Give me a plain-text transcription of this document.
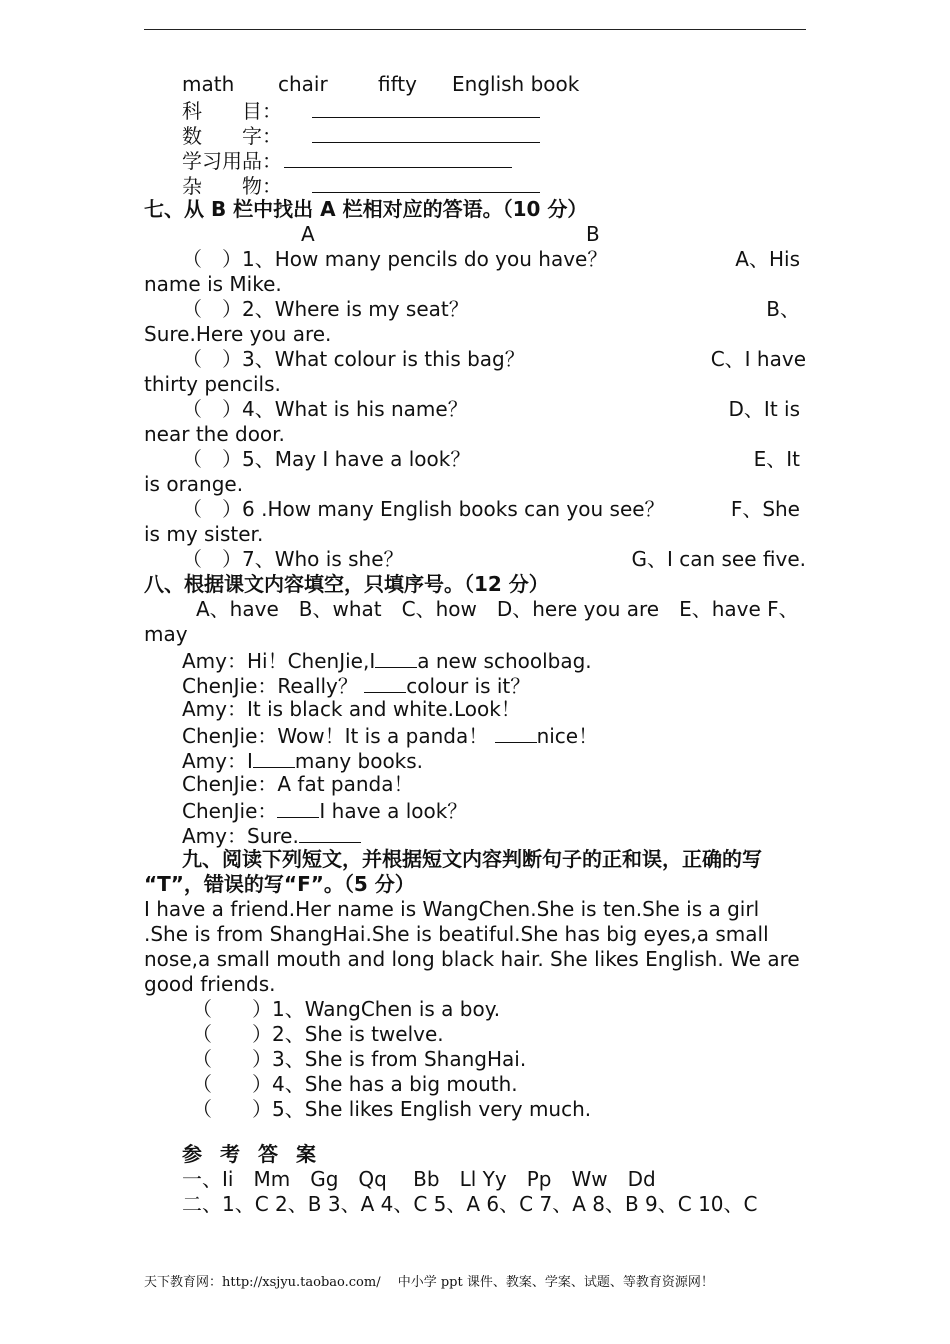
math chair	fifty English book
科　　目：
数　　字：
学习用品：
杂　　物：
七、从 B 栏中找出 A 栏相对应的答语。（10 分）
A	B
（　）1、How many pencils do you have？	A、His
name is Mike.
（　）2、Where is my seat？	B、
Sure.Here you are.
（　）3、What colour is this bag？	C、I have
thirty pencils.
（　）4、What is his name？	D、It is
near the door.
（　）5、May I have a look？	E、It
is orange.
（　）6 .How many English books can you see？	F、She
is my sister.
（　）7、Who is she？	G、I can see five.
八、根据课文内容填空，只填序号。（12 分）
A、have　B、what　C、how　D、here you are　E、have F、
may
Amy：Hi！ChenJie,I a new schoolbag.
ChenJie：Really？ colour is it？
Amy：It is black and white.Look！
ChenJie：Wow！It is a panda！ nice！
Amy：I many books.
ChenJie：A fat panda！
ChenJie： I have a look？
Amy：Sure.
九、阅读下列短文，并根据短文内容判断句子的正和误，正确的写
“T”，错误的写“F”。（5 分）
I have a friend.Her name is WangChen.She is ten.She is a girl .She is from ShangHai.She is beatiful.She has big eyes,a small nose,a small mouth and long black hair. She likes English. We are good friends.
（　　）1、WangChen is a boy.
（　　）2、She is twelve.
（　　）3、She is from ShangHai.
（　　）4、She has a big mouth.
（　　）5、She likes English very much.
参考答案
一、Ii　Mm　Gg　Qq　 Bb　Ll Yy　Pp　Ww　Dd
二、1、C 2、B 3、A 4、C 5、A 6、C 7、A 8、B 9、C 10、C
天下教育网：http://xsjyu.taobao.com/　 中小学 ppt 课件、教案、学案、试题、等教育资源网！
